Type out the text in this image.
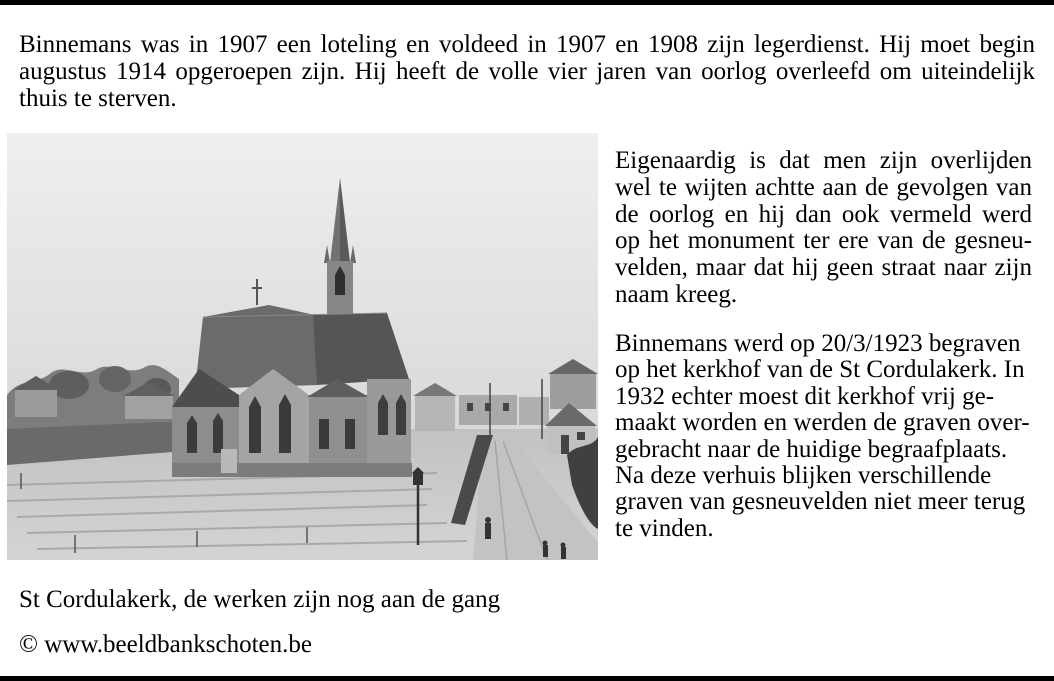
Binnemans was in 1907 een loteling en voldeed in 1907 en 1908 zijn legerdienst. Hij moet begin
augustus 1914 opgeroepen zijn. Hij heeft de volle vier jaren van oorlog overleefd om uiteindelijk
thuis te sterven.
Eigenaardig is dat men zijn overlijden
wel te wijten achtte aan de gevolgen van
de oorlog en hij dan ook vermeld werd
op het monument ter ere van de gesneu-
velden, maar dat hij geen straat naar zijn
naam kreeg.
Binnemans werd op 20/3/1923 begraven
op het kerkhof van de St Cordulakerk. In
1932 echter moest dit kerkhof vrij ge-
maakt worden en werden de graven over-
gebracht naar de huidige begraafplaats.
Na deze verhuis blijken verschillende
graven van gesneuvelden niet meer terug
te vinden.
St Cordulakerk, de werken zijn nog aan de gang
© www.beeldbankschoten.be
